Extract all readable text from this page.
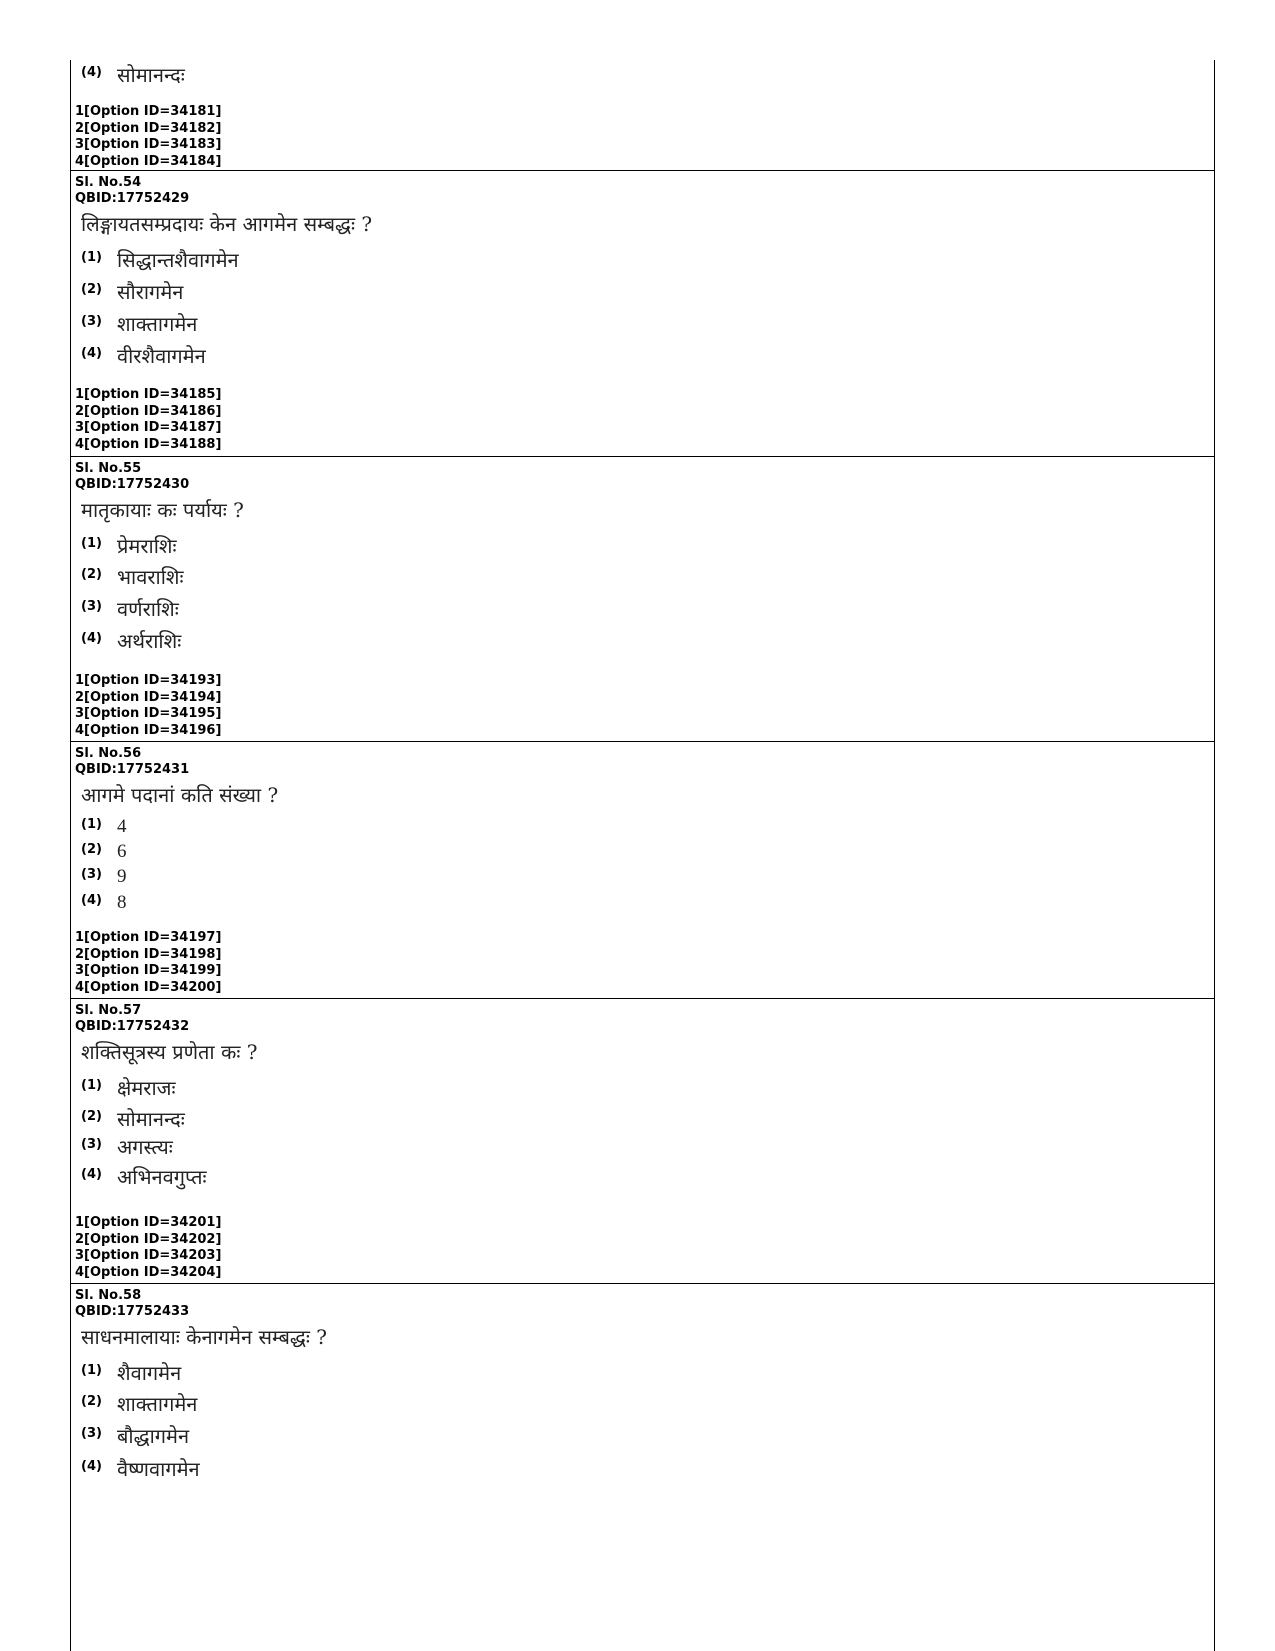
(4) सोमानन्दः
1[Option ID=34181]
2[Option ID=34182]
3[Option ID=34183]
4[Option ID=34184]
Sl. No.54
QBID:17752429
लिङ्गायतसम्प्रदायः केन आगमेन सम्बद्धः ?
(1) सिद्धान्तशैवागमेन
(2) सौरागमेन
(3) शाक्तागमेन
(4) वीरशैवागमेन
1[Option ID=34185]
2[Option ID=34186]
3[Option ID=34187]
4[Option ID=34188]
Sl. No.55
QBID:17752430
मातृकायाः कः पर्यायः ?
(1) प्रेमराशिः
(2) भावराशिः
(3) वर्णराशिः
(4) अर्थराशिः
1[Option ID=34193]
2[Option ID=34194]
3[Option ID=34195]
4[Option ID=34196]
Sl. No.56
QBID:17752431
आगमे पदानां कति संख्या ?
(1) 4
(2) 6
(3) 9
(4) 8
1[Option ID=34197]
2[Option ID=34198]
3[Option ID=34199]
4[Option ID=34200]
Sl. No.57
QBID:17752432
शक्तिसूत्रस्य प्रणेता कः ?
(1) क्षेमराजः
(2) सोमानन्दः
(3) अगस्त्यः
(4) अभिनवगुप्तः
1[Option ID=34201]
2[Option ID=34202]
3[Option ID=34203]
4[Option ID=34204]
Sl. No.58
QBID:17752433
साधनमालायाः केनागमेन सम्बद्धः ?
(1) शैवागमेन
(2) शाक्तागमेन
(3) बौद्धागमेन
(4) वैष्णवागमेन
